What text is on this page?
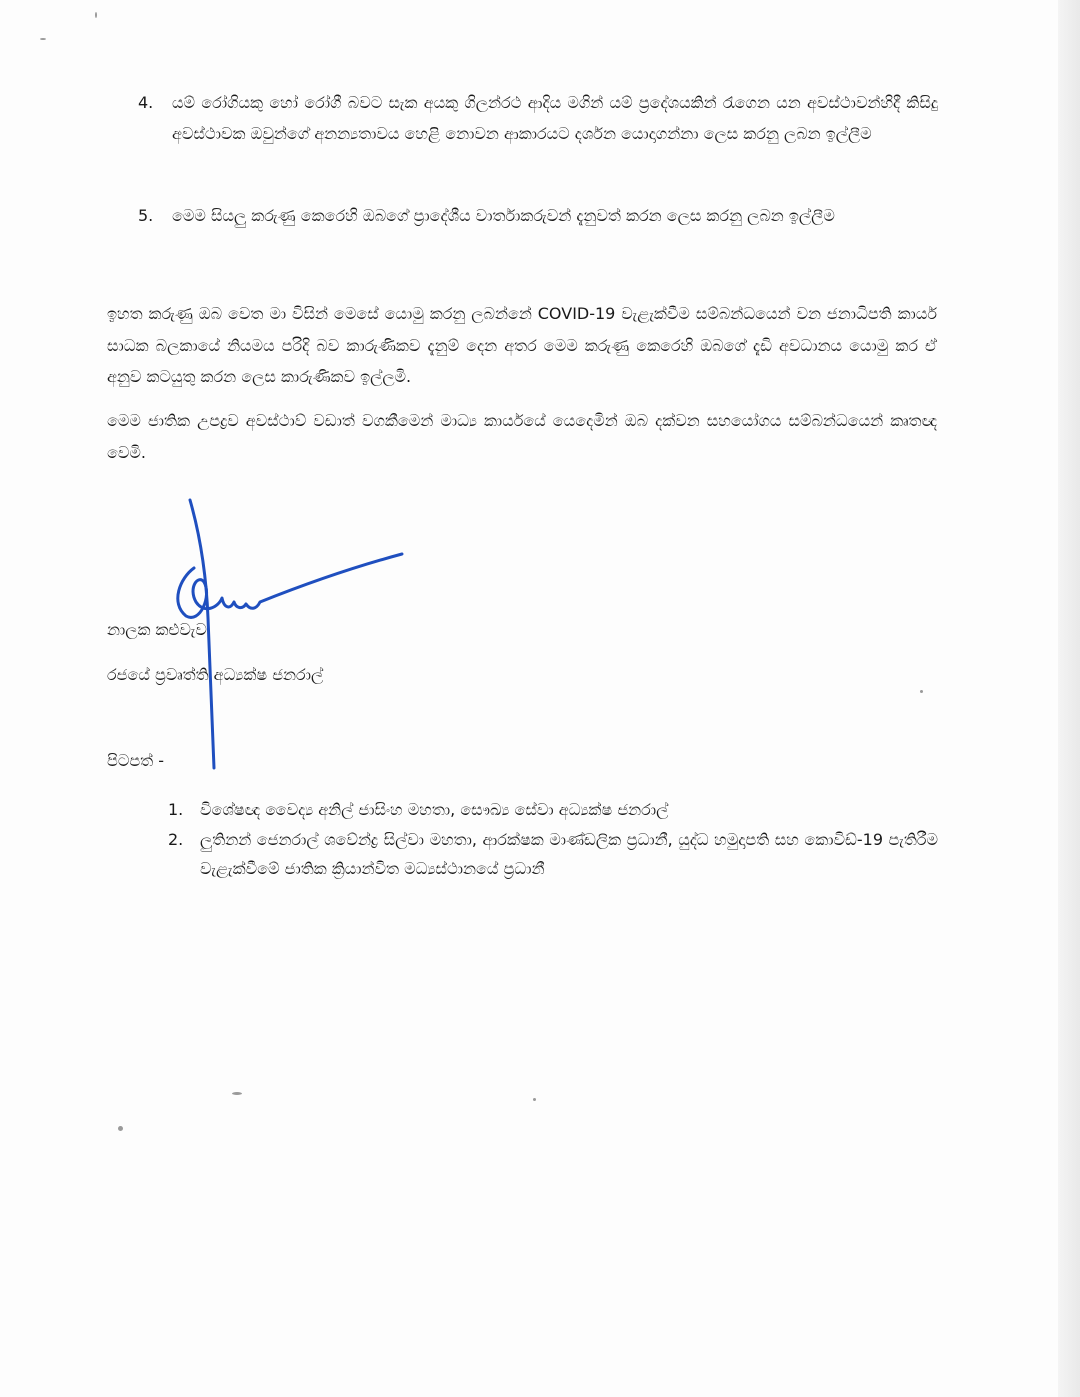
4.	යම් රෝගියකු හෝ රෝගී බවට සැක අයකු ගිලන්රථ ආදිය මගින් යම් ප්‍රදේශයකින් රැගෙන යන අවස්ථාවන්හිදී කිසිදු අවස්ථාවක ඔවුන්ගේ අනන්‍යතාවය හෙළි නොවන ආකාරයට දර්ශන යොදාගන්නා ලෙස කරනු ලබන ඉල්ලීම
5.	මෙම සියලු කරුණු කෙරෙහි ඔබගේ ප්‍රාදේශීය වාර්තාකරුවන් දැනුවත් කරන ලෙස කරනු ලබන ඉල්ලීම
ඉහත කරුණු ඔබ වෙත මා විසින් මෙසේ යොමු කරනු ලබන්නේ COVID-19 වැළැක්වීම සම්බන්ධයෙන් වන ජනාධිපති කාර්ය සාධක බලකායේ නියමය පරිදි බව කාරුණිකව දැනුම් දෙන අතර මෙම කරුණු කෙරෙහි ඔබගේ දැඩි අවධානය යොමු කර ඒ අනුව කටයුතු කරන ලෙස කාරුණිකව ඉල්ලමි.
මෙම ජාතික උපද්‍රව අවස්ථාව් වඩාත් වගකීමෙන් මාධ්‍ය කාර්යයේ යෙදෙමින් ඔබ දක්වන සහයෝගය සම්බන්ධයෙන් කෘතඥ වෙමි.
නාලක කළුවැව
රජයේ ප්‍රවෘත්ති අධ්‍යක්ෂ ජනරාල්
පිටපත් -
1. විශේෂඥ වෛද්‍ය අනිල් ජාසිංහ මහතා, සෞඛ්‍ය සේවා අධ්‍යක්ෂ ජනරාල්
2. ලුතිනන් ජෙනරාල් ශවේන්ද්‍ර සිල්වා මහතා, ආරක්ෂක මාණ්ඩලික ප්‍රධානී, යුද්ධ හමුදාපති සහ කොවිඩ්-19 පැතිරීම වැළැක්වීමේ ජාතික ක්‍රියාන්විත මධ්‍යස්ථානයේ ප්‍රධානී
